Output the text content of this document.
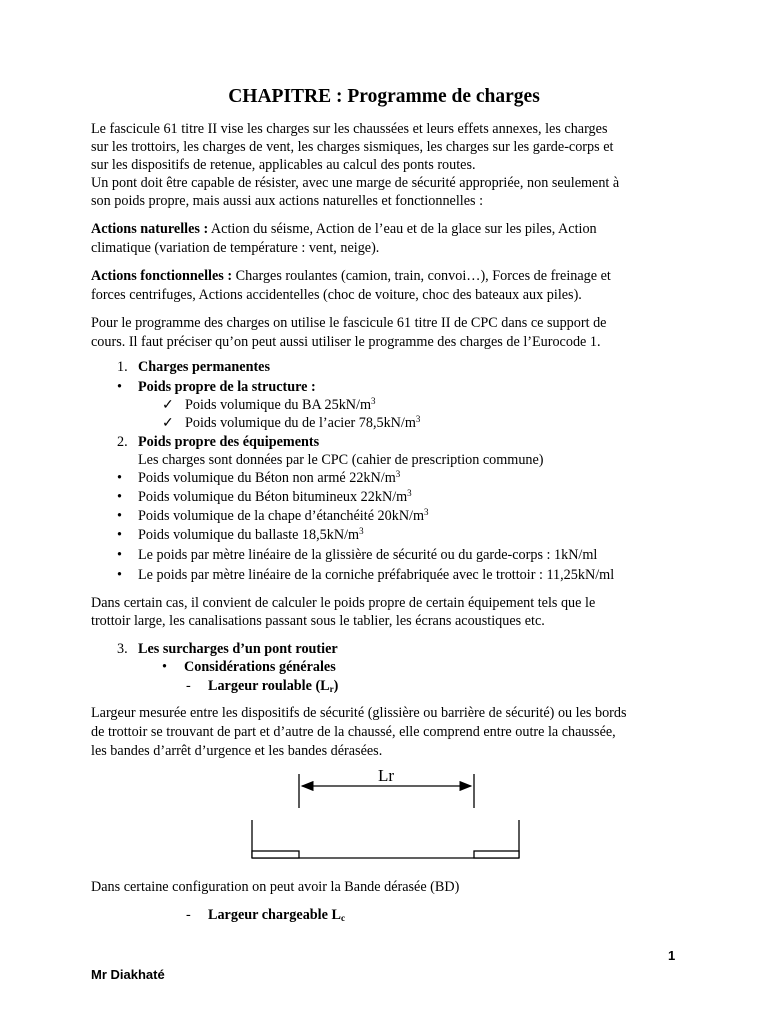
CHAPITRE : Programme de charges
Le fascicule 61 titre II vise les charges sur les chaussées et leurs effets annexes, les charges
sur les trottoirs, les charges de vent, les charges sismiques, les charges sur les garde-corps et
sur les dispositifs de retenue, applicables au calcul des ponts routes.
Un pont doit être capable de résister, avec une marge de sécurité appropriée, non seulement à
son poids propre, mais aussi aux actions naturelles et fonctionnelles :
Actions naturelles : Action du séisme, Action de l’eau et de la glace sur les piles, Action
climatique (variation de température : vent, neige).
Actions fonctionnelles : Charges roulantes (camion, train, convoi…), Forces de freinage et
forces centrifuges, Actions accidentelles (choc de voiture, choc des bateaux aux piles).
Pour le programme des charges on utilise le fascicule 61 titre II de CPC dans ce support de
cours. Il faut préciser qu’on peut aussi utiliser le programme des charges de l’Eurocode 1.
1. Charges permanentes
• Poids propre de la structure :
✓ Poids volumique du BA $25kN/m^3$
✓ Poids volumique du de l’acier $78,5kN/m^3$
2. Poids propre des équipements
Les charges sont données par le CPC (cahier de prescription commune)
• Poids volumique du Béton non armé $22kN/m^3$
• Poids volumique du Béton bitumineux $22kN/m^3$
• Poids volumique de la chape d’étanchéité $20kN/m^3$
• Poids volumique du ballaste $18,5kN/m^3$
• Le poids par mètre linéaire de la glissière de sécurité ou du garde-corps : 1kN/ml
• Le poids par mètre linéaire de la corniche préfabriquée avec le trottoir : 11,25kN/ml
Dans certain cas, il convient de calculer le poids propre de certain équipement tels que le
trottoir large, les canalisations passant sous le tablier, les écrans acoustiques etc.
3. Les surcharges d’un pont routier
• Considérations générales
- Largeur roulable $(L_r)$
Largeur mesurée entre les dispositifs de sécurité (glissière ou barrière de sécurité) ou les bords
de trottoir se trouvant de part et d’autre de la chaussé, elle comprend entre outre la chaussée,
les bandes d’arrêt d’urgence et les bandes dérasées.
Lr
Dans certaine configuration on peut avoir la Bande dérasée (BD)
- Largeur chargeable $L_c$
1
Mr Diakhaté
